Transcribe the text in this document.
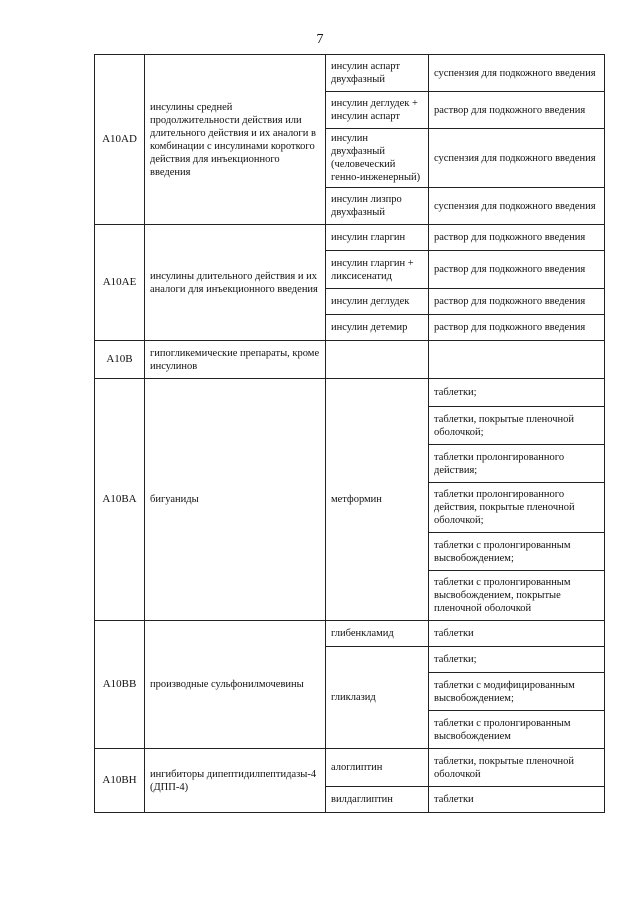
7
A10AD	инсулины средней продолжительности действия или длительного действия и их аналоги в комбинации с инсулинами короткого действия для инъекционного введения	инсулин аспарт двухфазный	суспензия для подкожного введения
		инсулин деглудек + инсулин аспарт	раствор для подкожного введения
		инсулин двухфазный (человеческий генно-инженерный)	суспензия для подкожного введения
		инсулин лизпро двухфазный	суспензия для подкожного введения
A10AE	инсулины длительного действия и их аналоги для инъекционного введения	инсулин гларгин	раствор для подкожного введения
		инсулин гларгин + ликсисенатид	раствор для подкожного введения
		инсулин деглудек	раствор для подкожного введения
		инсулин детемир	раствор для подкожного введения
A10B	гипогликемические препараты, кроме инсулинов		
A10BA	бигуаниды	метформин	таблетки;
			таблетки, покрытые пленочной оболочкой;
			таблетки пролонгированного действия;
			таблетки пролонгированного действия, покрытые пленочной оболочкой;
			таблетки с пролонгированным высвобождением;
			таблетки с пролонгированным высвобождением, покрытые пленочной оболочкой
A10BB	производные сульфонилмочевины	глибенкламид	таблетки
		гликлазид	таблетки;
			таблетки с модифицированным высвобождением;
			таблетки с пролонгированным высвобождением
A10BH	ингибиторы дипептидилпептидазы-4 (ДПП-4)	алоглиптин	таблетки, покрытые пленочной оболочкой
		вилдаглиптин	таблетки
